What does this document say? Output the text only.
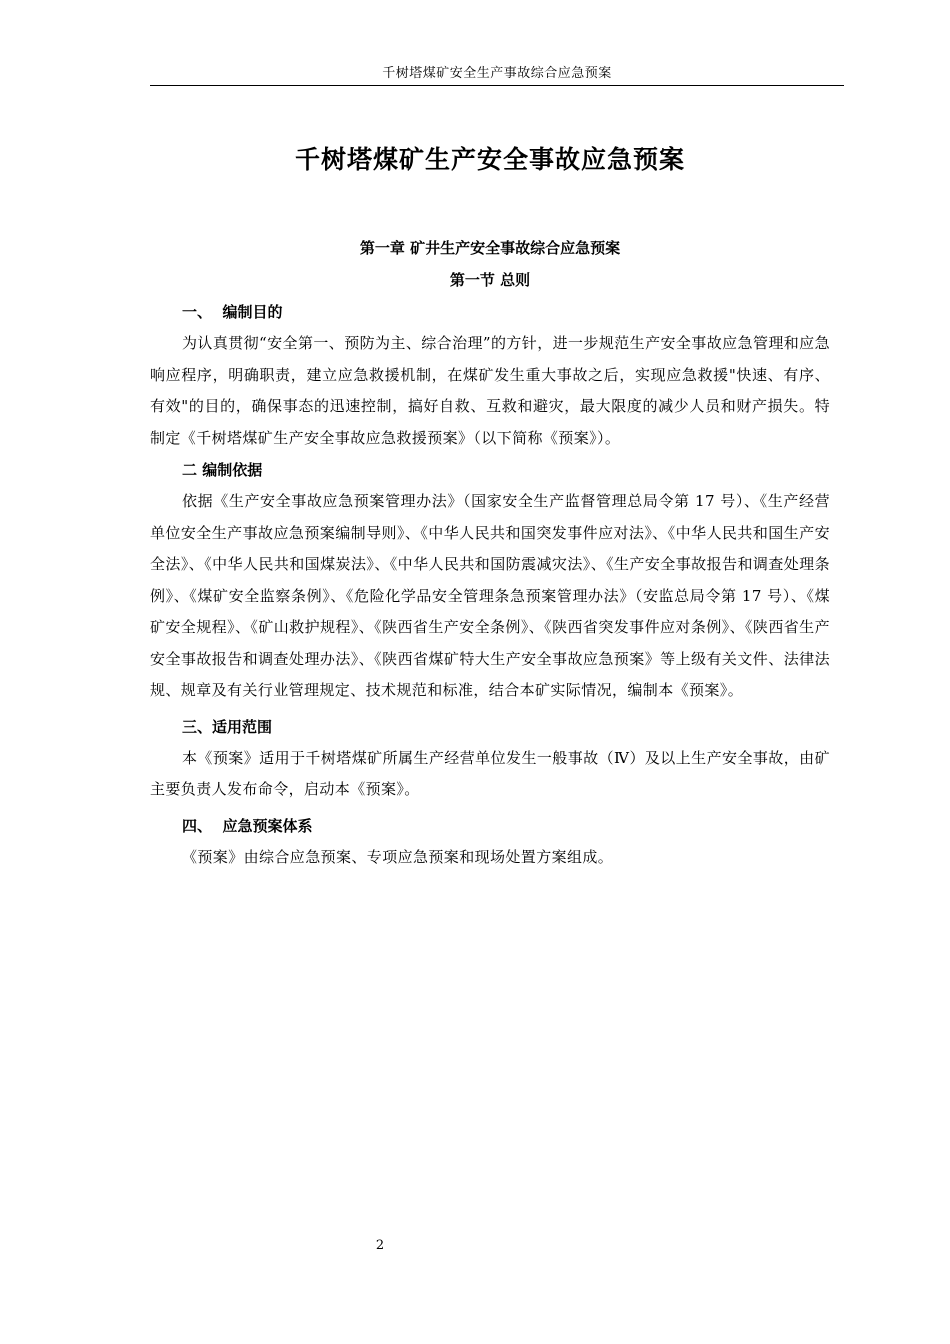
千树塔煤矿安全生产事故综合应急预案
千树塔煤矿生产安全事故应急预案

第一章 矿井生产安全事故综合应急预案

第一节 总则

一、  编制目的

为认真贯彻“安全第一、预防为主、综合治理”的方针，进一步规范生产安全事故应急管理和应急响应程序，明确职责，建立应急救援机制，在煤矿发生重大事故之后，实现应急救援"快速、有序、有效"的目的，确保事态的迅速控制，搞好自救、互救和避灾，最大限度的减少人员和财产损失。特制定《千树塔煤矿生产安全事故应急救援预案》（以下简称《预案》）。

二 编制依据

依据《生产安全事故应急预案管理办法》（国家安全生产监督管理总局令第 17 号）、《生产经营单位安全生产事故应急预案编制导则》、《中华人民共和国突发事件应对法》、《中华人民共和国生产安全法》、《中华人民共和国煤炭法》、《中华人民共和国防震减灾法》、《生产安全事故报告和调查处理条例》、《煤矿安全监察条例》、《危险化学品安全管理条急预案管理办法》（安监总局令第 17 号）、《煤矿安全规程》、《矿山救护规程》、《陕西省生产安全条例》、《陕西省突发事件应对条例》、《陕西省生产安全事故报告和调查处理办法》、《陕西省煤矿特大生产安全事故应急预案》等上级有关文件、法律法规、规章及有关行业管理规定、技术规范和标准，结合本矿实际情况，编制本《预案》。

三、适用范围

本《预案》适用于千树塔煤矿所属生产经营单位发生一般事故（Ⅳ）及以上生产安全事故，由矿主要负责人发布命令，启动本《预案》。

四、  应急预案体系

《预案》由综合应急预案、专项应急预案和现场处置方案组成。

2
